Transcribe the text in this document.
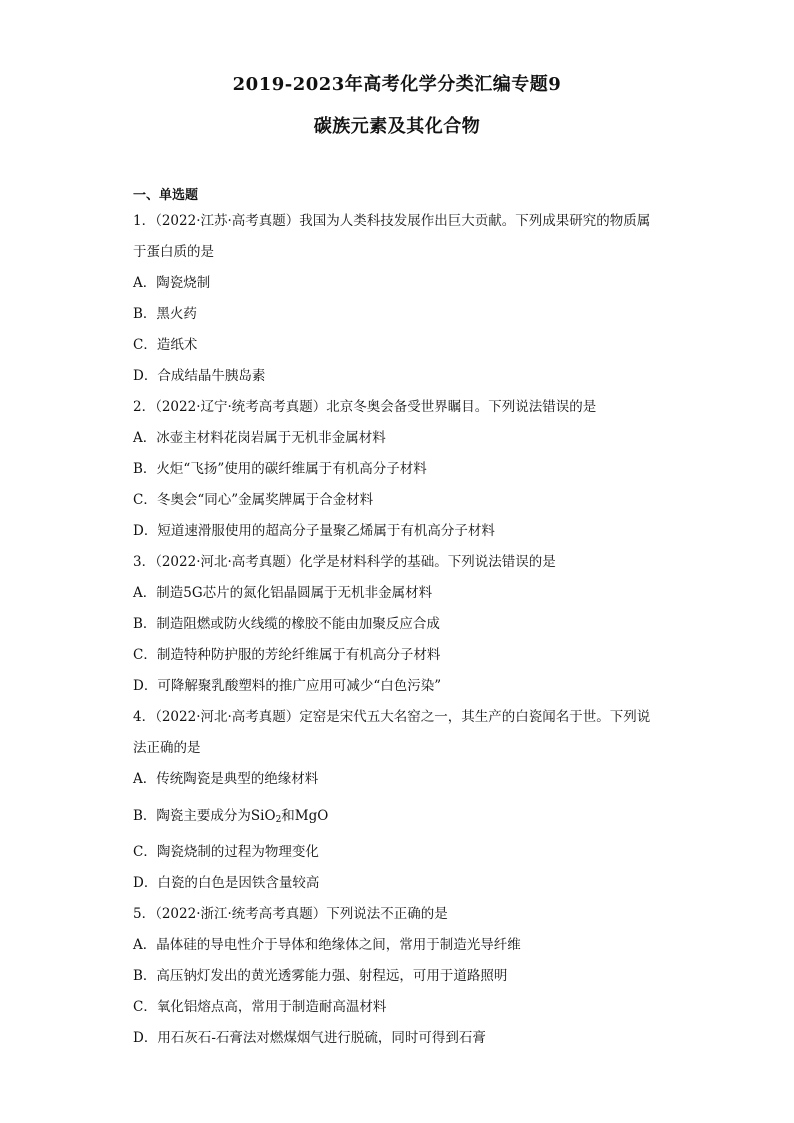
2019-2023年高考化学分类汇编专题9
碳族元素及其化合物
一、单选题
1．（2022·江苏·高考真题）我国为人类科技发展作出巨大贡献。下列成果研究的物质属
于蛋白质的是
A．陶瓷烧制
B．黑火药
C．造纸术
D．合成结晶牛胰岛素
2．（2022·辽宁·统考高考真题）北京冬奥会备受世界瞩目。下列说法错误的是
A．冰壶主材料花岗岩属于无机非金属材料
B．火炬“飞扬”使用的碳纤维属于有机高分子材料
C．冬奥会“同心”金属奖牌属于合金材料
D．短道速滑服使用的超高分子量聚乙烯属于有机高分子材料
3．（2022·河北·高考真题）化学是材料科学的基础。下列说法错误的是
A．制造5G芯片的氮化铝晶圆属于无机非金属材料
B．制造阻燃或防火线缆的橡胶不能由加聚反应合成
C．制造特种防护服的芳纶纤维属于有机高分子材料
D．可降解聚乳酸塑料的推广应用可减少“白色污染”
4．（2022·河北·高考真题）定窑是宋代五大名窑之一，其生产的白瓷闻名于世。下列说
法正确的是
A．传统陶瓷是典型的绝缘材料
B．陶瓷主要成分为SiO$_2$和MgO
C．陶瓷烧制的过程为物理变化
D．白瓷的白色是因铁含量较高
5．（2022·浙江·统考高考真题）下列说法不正确的是
A．晶体硅的导电性介于导体和绝缘体之间，常用于制造光导纤维
B．高压钠灯发出的黄光透雾能力强、射程远，可用于道路照明
C．氧化铝熔点高，常用于制造耐高温材料
D．用石灰石-石膏法对燃煤烟气进行脱硫，同时可得到石膏
